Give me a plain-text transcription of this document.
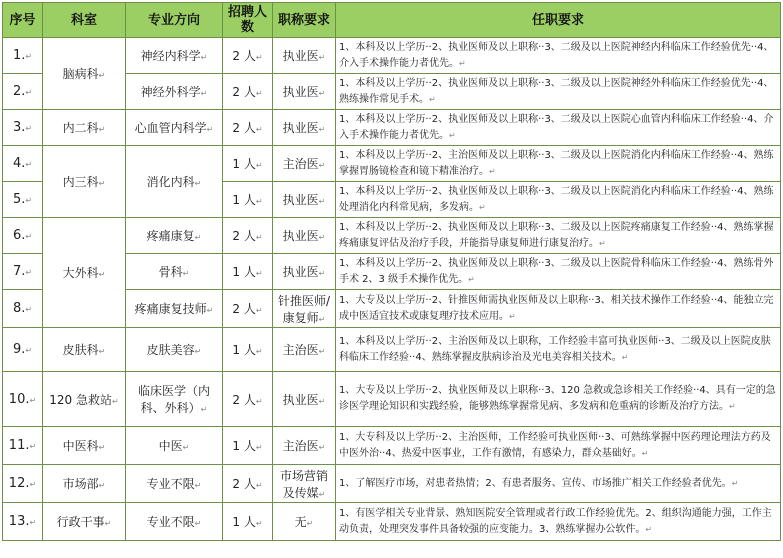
序号	科室	专业方向	招聘人数	职称要求	任职要求
1.↵	脑病科↵	神经内科学↵	2 人↵	执业医↵	1、本科及以上学历··2、执业医师及以上职称··3、二级及以上医院神经内科临床工作经验优先··4、介入手术操作能力者优先。↵
2.↵		神经外科学↵	2 人↵	执业医↵	1、本科及以上学历··2、执业医师及以上职称··3、二级及以上医院神经外科临床工作经验优先··4、熟练操作常见手术。↵
3.↵	内二科↵	心血管内科学↵	2 人↵	执业医↵	1、本科及以上学历··2、执业医师及以上职称··3、二级及以上医院心血管内科临床工作经验··4、介入手术操作能力者优先。↵
4.↵	内三科↵	消化内科↵	1 人↵	主治医↵	1、本科及以上学历··2、主治医师及以上职称··3、二级及以上医院消化内科临床工作经验··4、熟练掌握胃肠镜检查和镜下精准治疗。↵
5.↵			1 人↵	执业医↵	1、本科及以上学历··2、执业医师及以上职称··3、二级及以上医院消化内科临床工作经验··4、熟练处理消化内科常见病，多发病。↵
6.↵	大外科↵	疼痛康复↵	2 人↵	执业医↵	1、本科及以上学历··2、执业医师及以上职称··3、二级及以上医院疼痛康复工作经验··4、熟练掌握疼痛康复评估及治疗手段，并能指导康复师进行康复治疗。↵
7.↵		骨科↵	1 人↵	执业医↵	1、本科及以上学历··2、执业医师及以上职称··3、二级及以上医院骨科临床工作经验··4、熟练骨外手术 2、3 级手术操作优先。↵
8.↵		疼痛康复技师↵	2 人↵	针推医师/康复师↵	1、大专及以上学历··2、针推医师需执业医师及以上职称··3、相关技术操作工作经验··4、能独立完成中医适宜技术或康复理疗技术应用。↵
9.↵	皮肤科↵	皮肤美容↵	1 人↵	主治医↵	1、本科及以上学历··2、主治医师及以上职称，工作经验丰富可执业医师··3、二级及以上医院皮肤科临床工作经验··4、熟练掌握皮肤病诊治及光电美容相关技术。↵
10.↵	120 急救站↵	临床医学（内科、外科）↵	2 人↵	执业医↵	1、大专及以上学历··2、执业医师及以上职称··3、120 急救或急诊相关工作经验··4、具有一定的急诊医学理论知识和实践经验，能够熟练掌握常见病、多发病和危重病的诊断及治疗方法。↵
11.↵	中医科↵	中医↵	1 人↵	主治医↵	1、大专科及以上学历··2、主治医师，工作经验可执业医师··3、可熟练掌握中医药理论理法方药及中医外治··4、热爱中医事业，工作有激情，有感染力，群众基础好。↵
12.↵	市场部↵	专业不限↵	2 人↵	市场营销及传媒↵	1、了解医疗市场，对患者热情；2、有患者服务、宣传、市场推广相关工作经验者优先。↵
13.↵	行政干事↵	专业不限↵	1 人↵	无↵	1、有医学相关专业背景、熟知医院安全管理或者行政工作经验优先。2、组织沟通能力强，工作主动负责，处理突发事件具备较强的应变能力。3、熟练掌握办公软件。↵
